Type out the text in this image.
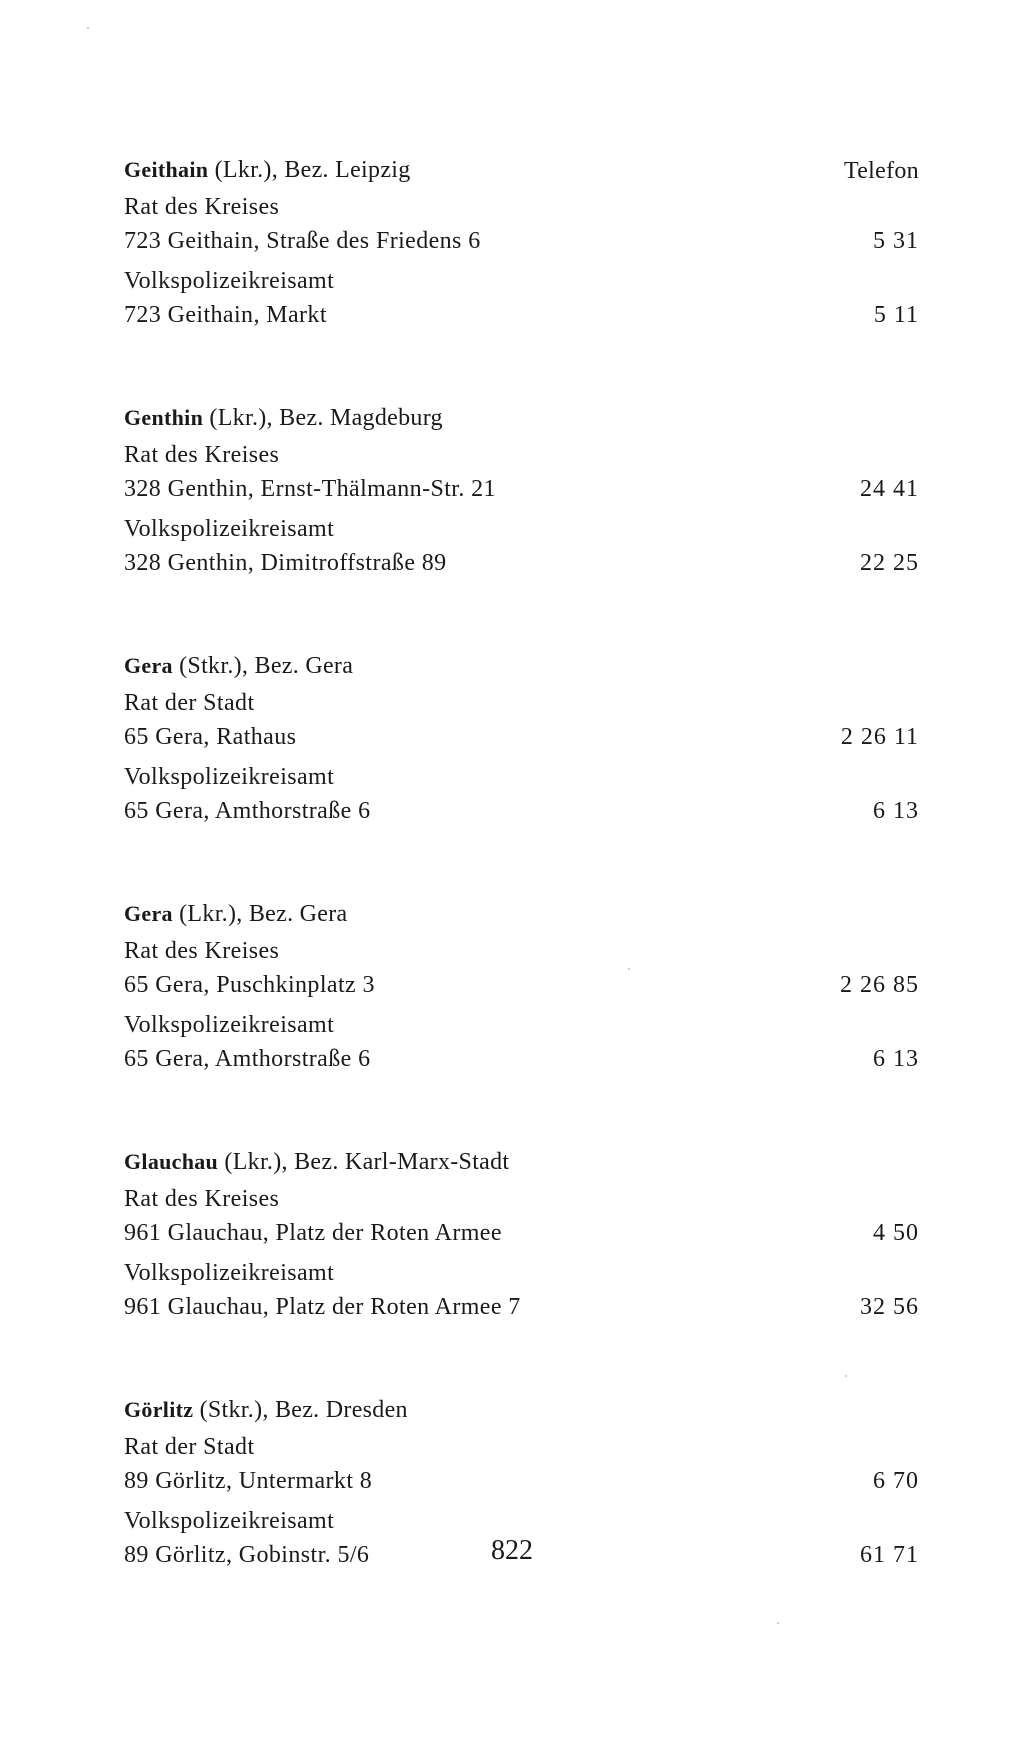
Geithain (Lkr.), Bez. Leipzig	Telefon
Rat des Kreises
723 Geithain, Straße des Friedens 6	5 31
Volkspolizeikreisamt
723 Geithain, Markt	5 11
Genthin (Lkr.), Bez. Magdeburg
Rat des Kreises
328 Genthin, Ernst-Thälmann-Str. 21	24 41
Volkspolizeikreisamt
328 Genthin, Dimitroffstraße 89	22 25
Gera (Stkr.), Bez. Gera
Rat der Stadt
65 Gera, Rathaus	2 26 11
Volkspolizeikreisamt
65 Gera, Amthorstraße 6	6 13
Gera (Lkr.), Bez. Gera
Rat des Kreises
65 Gera, Puschkinplatz 3	2 26 85
Volkspolizeikreisamt
65 Gera, Amthorstraße 6	6 13
Glauchau (Lkr.), Bez. Karl-Marx-Stadt
Rat des Kreises
961 Glauchau, Platz der Roten Armee	4 50
Volkspolizeikreisamt
961 Glauchau, Platz der Roten Armee 7	32 56
Görlitz (Stkr.), Bez. Dresden
Rat der Stadt
89 Görlitz, Untermarkt 8	6 70
Volkspolizeikreisamt
89 Görlitz, Gobinstr. 5/6	61 71
822
